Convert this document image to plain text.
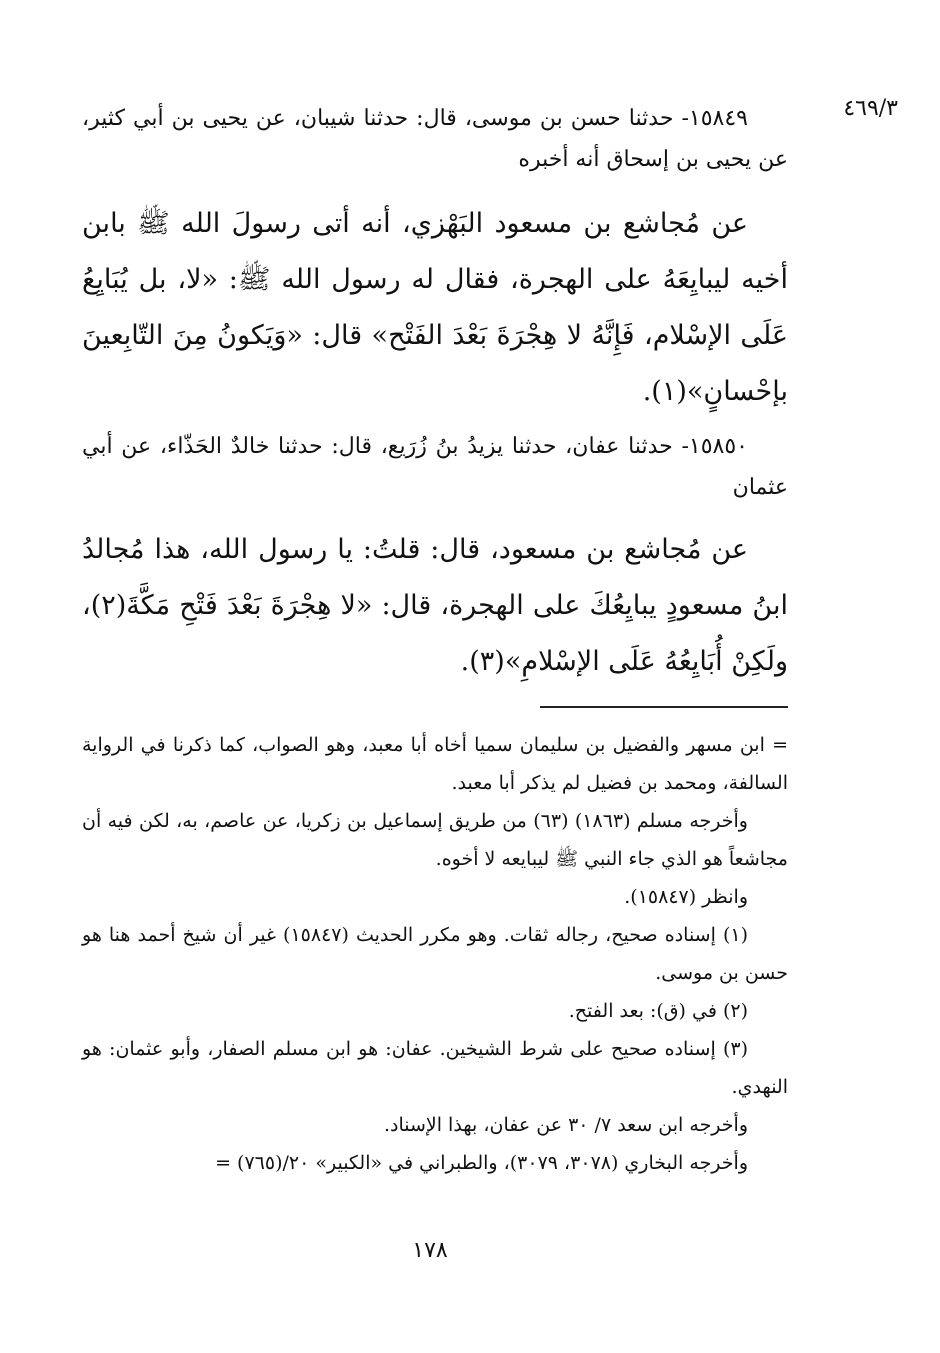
٤٦٩/٣

١٥٨٤٩- حدثنا حسن بن موسى، قال: حدثنا شيبان، عن يحيى بن أبي كثير، عن يحيى بن إسحاق أنه أخبره

عن مُجاشع بن مسعود البَهْزي، أنه أتى رسولَ الله ﷺ بابن أخيه ليبايِعَهُ على الهجرة، فقال له رسول الله ﷺ: «لا، بل يُبَايِعُ عَلَى الإسْلام، فَإِنَّهُ لا هِجْرَةَ بَعْدَ الفَتْح» قال: «وَيَكونُ مِنَ التّابِعينَ بإحْسانٍ»(١).

١٥٨٥٠- حدثنا عفان، حدثنا يزيدُ بنُ زُرَيع، قال: حدثنا خالدٌ الحَذّاء، عن أبي عثمان

عن مُجاشع بن مسعود، قال: قلتُ: يا رسول الله، هذا مُجالدُ ابنُ مسعودٍ يبايِعُكَ على الهجرة، قال: «لا هِجْرَةَ بَعْدَ فَتْحِ مَكَّةَ(٢)، ولَكِنْ أُبَايِعُهُ عَلَى الإسْلامِ»(٣).

= ابن مسهر والفضيل بن سليمان سميا أخاه أبا معبد، وهو الصواب، كما ذكرنا في الرواية السالفة، ومحمد بن فضيل لم يذكر أبا معبد.

وأخرجه مسلم (١٨٦٣) (٦٣) من طريق إسماعيل بن زكريا، عن عاصم، به، لكن فيه أن مجاشعاً هو الذي جاء النبي ﷺ ليبايعه لا أخوه.

وانظر (١٥٨٤٧).

(١) إسناده صحيح، رجاله ثقات. وهو مكرر الحديث (١٥٨٤٧) غير أن شيخ أحمد هنا هو حسن بن موسى.

(٢) في (ق): بعد الفتح.

(٣) إسناده صحيح على شرط الشيخين. عفان: هو ابن مسلم الصفار، وأبو عثمان: هو النهدي.

وأخرجه ابن سعد ٧/ ٣٠ عن عفان، بهذا الإسناد.

وأخرجه البخاري (٣٠٧٨، ٣٠٧٩)، والطبراني في «الكبير» ٢٠/(٧٦٥) =

١٧٨
